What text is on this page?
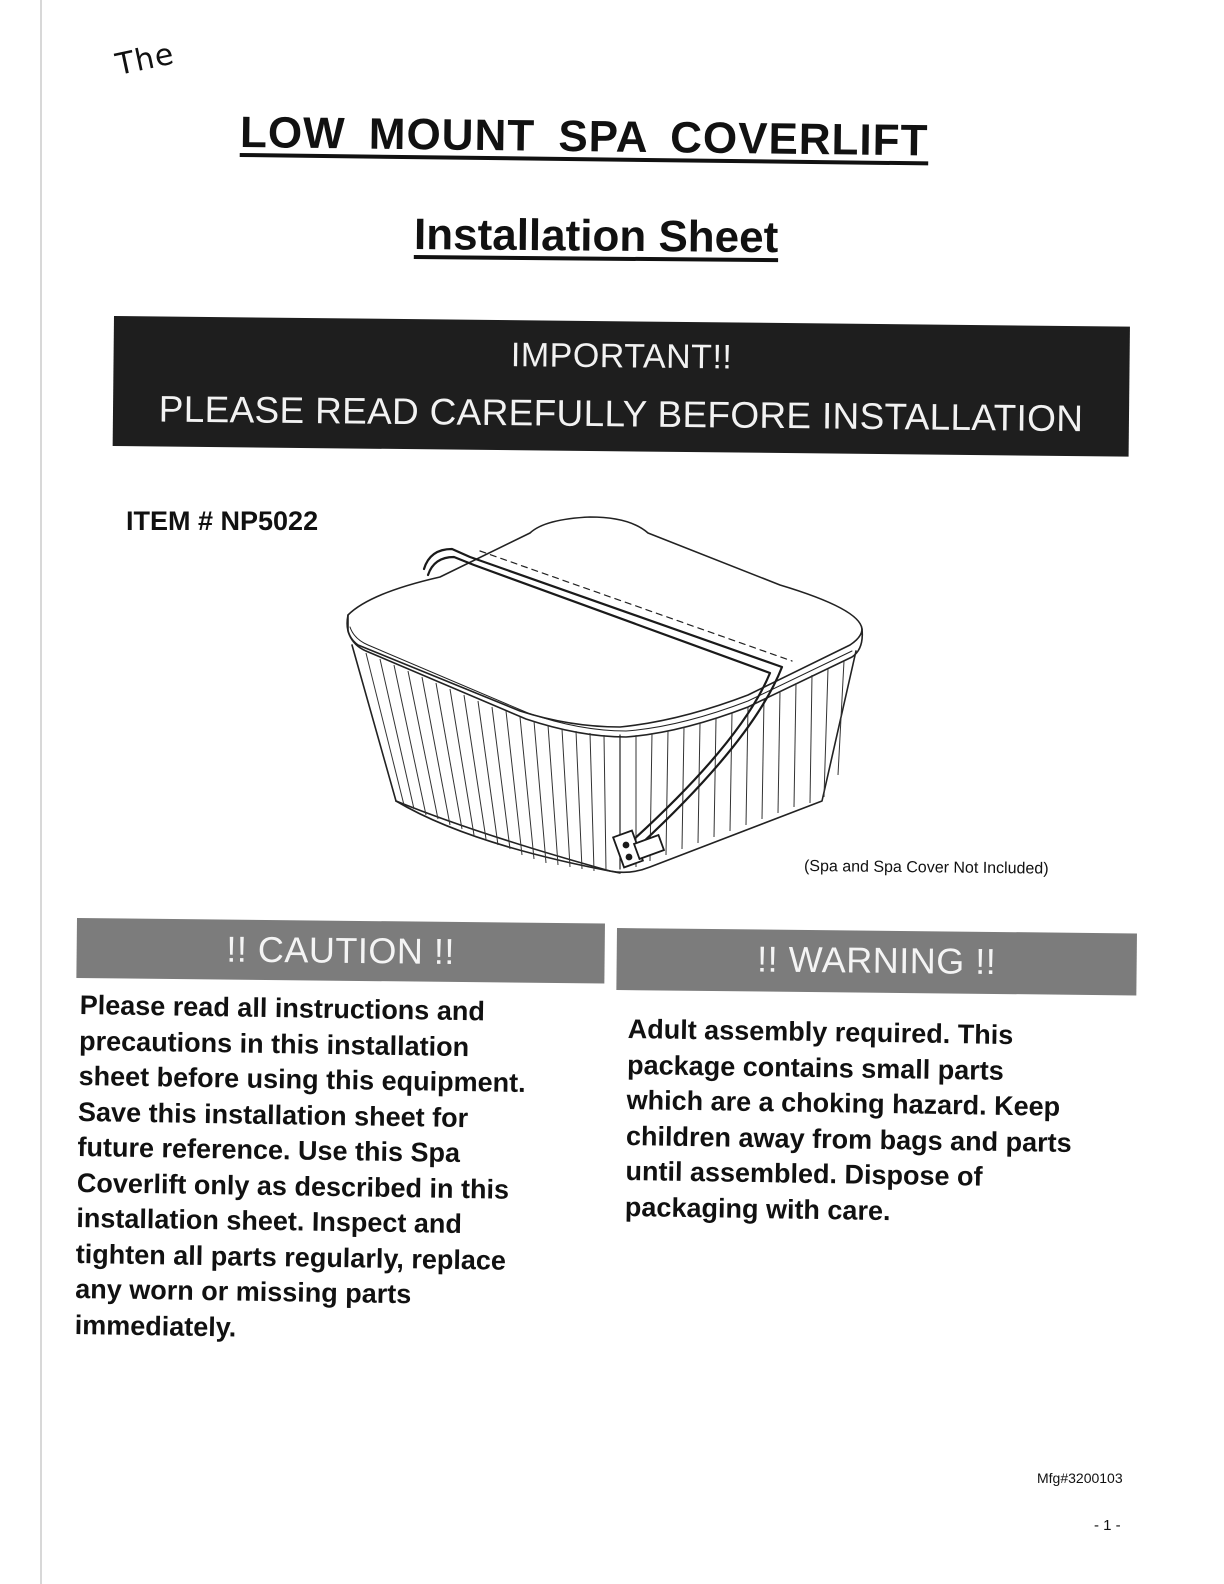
The
LOW MOUNT SPA COVERLIFT
Installation Sheet
IMPORTANT!!
PLEASE READ CAREFULLY BEFORE INSTALLATION
ITEM # NP5022
(Spa and Spa Cover Not Included)
!! CAUTION !!	!! WARNING !!
Please read all instructions and
precautions in this installation
sheet before using this equipment.
Save this installation sheet for
future reference. Use this Spa
Coverlift only as described in this
installation sheet. Inspect and
tighten all parts regularly, replace
any worn or missing parts
immediately.
Adult assembly required. This
package contains small parts
which are a choking hazard. Keep
children away from bags and parts
until assembled. Dispose of
packaging with care.
Mfg#3200103
- 1 -
